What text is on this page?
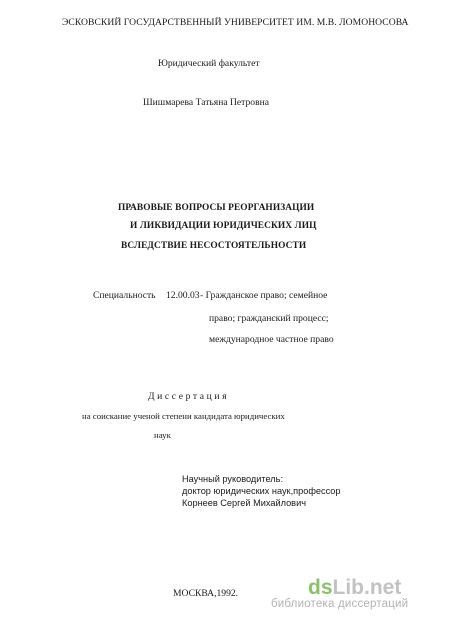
ЭСКОВСКИЙ ГОСУДАРСТВЕННЫЙ УНИВЕРСИТЕТ ИМ. М.В. ЛОМОНОСОВА
Юридический факультет
Шишмарева Татьяна Петровна
ПРАВОВЫЕ ВОПРОСЫ РЕОРГАНИЗАЦИИ
И ЛИКВИДАЦИИ ЮРИДИЧЕСКИХ ЛИЦ
ВСЛЕДСТВИЕ НЕСОСТОЯТЕЛЬНОСТИ
Специальность 12.00.03 - Гражданское право; семейное
право; гражданский процесс;
международное частное право
Диссертация
на соискание ученой степени кандидата юридических
наук
Научный руководитель:
доктор юридических наук,профессор
Корнеев Сергей Михайлович
МОСКВА,1992.	dsLib.net
библиотека диссертаций
